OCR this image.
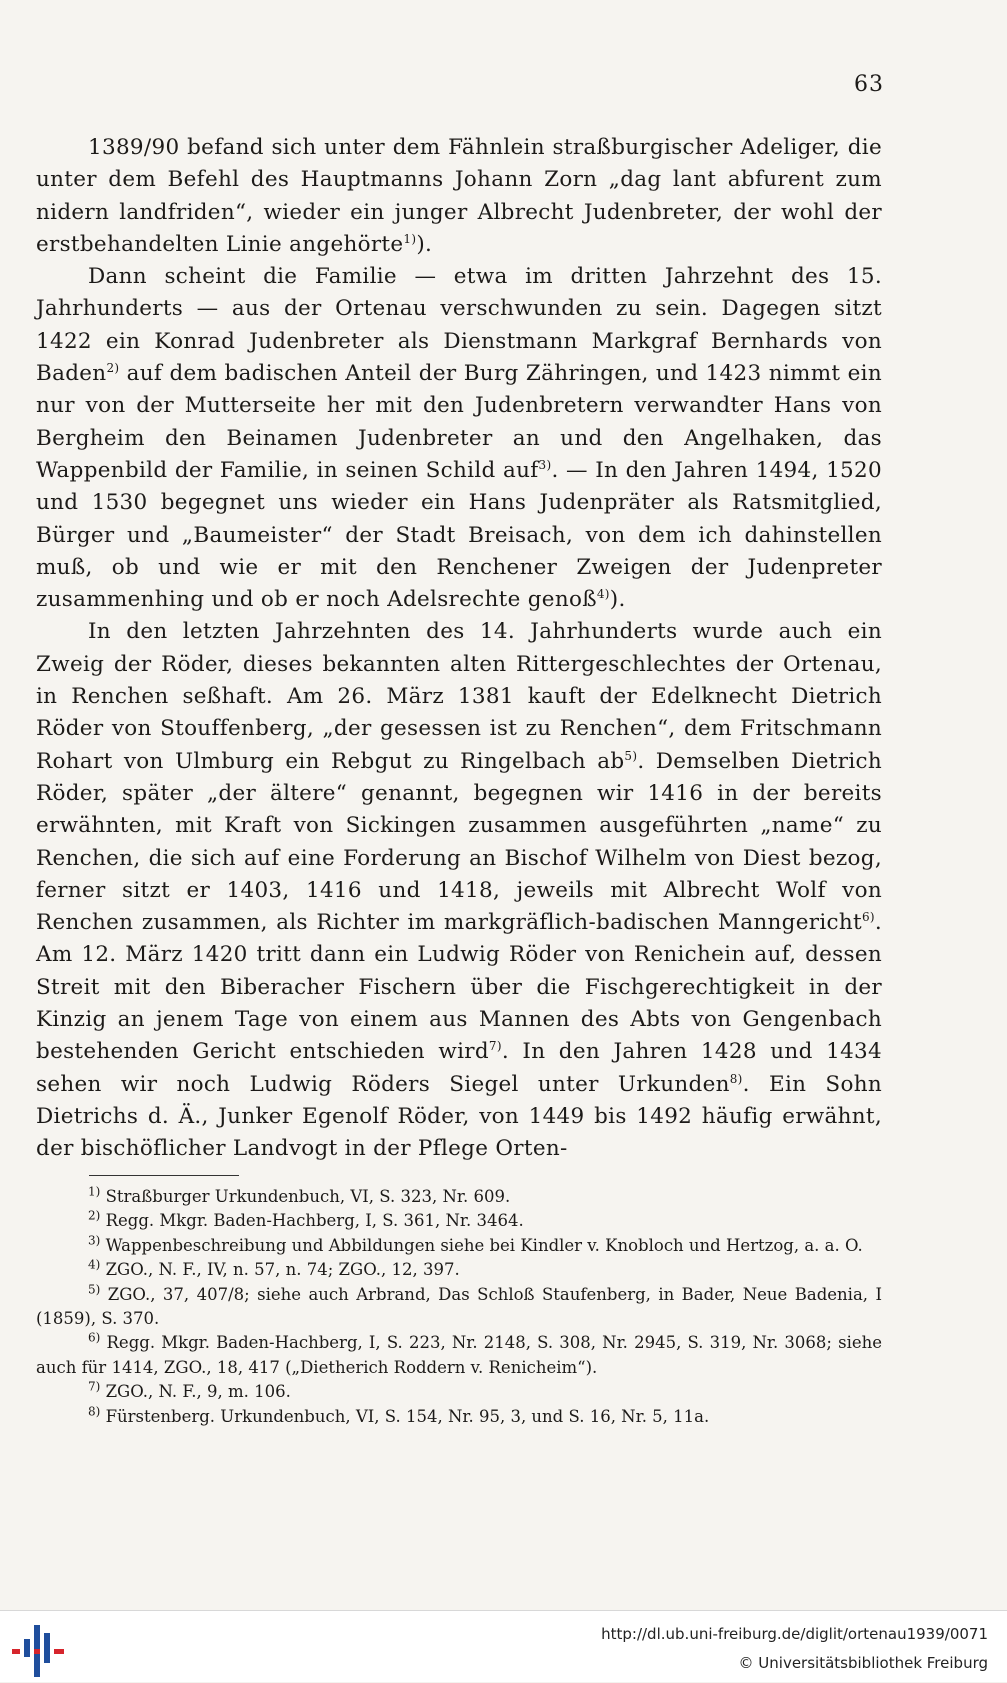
63

1389/90 befand sich unter dem Fähnlein straßburgischer Adeliger, die unter dem Befehl des Hauptmanns Johann Zorn „dag lant abfurent zum nidern landfriden“, wieder ein junger Albrecht Judenbreter, der wohl der erstbehandelten Linie angehörte$^{1)}$).

Dann scheint die Familie — etwa im dritten Jahrzehnt des 15. Jahrhunderts — aus der Ortenau verschwunden zu sein. Dagegen sitzt 1422 ein Konrad Judenbreter als Dienstmann Markgraf Bernhards von Baden$^{2)}$ auf dem badischen Anteil der Burg Zähringen, und 1423 nimmt ein nur von der Mutterseite her mit den Judenbretern verwandter Hans von Bergheim den Beinamen Judenbreter an und den Angelhaken, das Wappenbild der Familie, in seinen Schild auf$^{3)}$. — In den Jahren 1494, 1520 und 1530 begegnet uns wieder ein Hans Judenpräter als Ratsmitglied, Bürger und „Baumeister“ der Stadt Breisach, von dem ich dahinstellen muß, ob und wie er mit den Renchener Zweigen der Judenpreter zusammenhing und ob er noch Adelsrechte genoß$^{4)}$).

In den letzten Jahrzehnten des 14. Jahrhunderts wurde auch ein Zweig der Röder, dieses bekannten alten Rittergeschlechtes der Ortenau, in Renchen seßhaft. Am 26. März 1381 kauft der Edelknecht Dietrich Röder von Stouffenberg, „der gesessen ist zu Renchen“, dem Fritschmann Rohart von Ulmburg ein Rebgut zu Ringelbach $ab^{5)}$. Demselben Dietrich Röder, später „der ältere“ genannt, begegnen wir 1416 in der bereits erwähnten, mit Kraft von Sickingen zusammen ausgeführten „name“ zu Renchen, die sich auf eine Forderung an Bischof Wilhelm von Diest bezog, ferner sitzt er 1403, 1416 und 1418, jeweils mit Albrecht Wolf von Renchen zusammen, als Richter im markgräflich-badischen Manngericht$^{6)}$. Am 12. März 1420 tritt dann ein Ludwig Röder von Renichein auf, dessen Streit mit den Biberacher Fischern über die Fischgerechtigkeit in der Kinzig an jenem Tage von einem aus Mannen des Abts von Gengenbach bestehenden Gericht entschieden wird$^{7)}$. In den Jahren 1428 und 1434 sehen wir noch Ludwig Röders Siegel unter Urkunden$^{8)}$. Ein Sohn Dietrichs d. Ä., Junker Egenolf Röder, von 1449 bis 1492 häufig erwähnt, der bischöflicher Landvogt in der Pflege Orten-

$^{1)}$ Straßburger Urkundenbuch, VI, S. 323, Nr. 609.

$^{2)}$ Regg. Mkgr. Baden-Hachberg, I, S. 361, Nr. 3464.

$^{3)}$ Wappenbeschreibung und Abbildungen siehe bei Kindler v. Knobloch und Hertzog, a. a. O.

$^{4)}$ ZGO., N. F., IV, n. 57, n. 74; ZGO., 12, 397.

$^{5)}$ ZGO., 37, 407/8; siehe auch Arbrand, Das Schloß Staufenberg, in Bader, Neue Badenia, I (1859), S. 370.

$^{6)}$ Regg. Mkgr. Baden-Hachberg, I, S. 223, Nr. 2148, S. 308, Nr. 2945, S. 319, Nr. 3068; siehe auch für 1414, ZGO., 18, 417 („Dietherich Roddern v. Renicheim“).

$^{7)}$ ZGO., N. F., 9, m. 106.

$^{8)}$ Fürstenberg. Urkundenbuch, VI, S. 154, Nr. 95, 3, und S. 16, Nr. 5, 11a.

http://dl.ub.uni-freiburg.de/diglit/ortenau1939/0071
© Universitätsbibliothek Freiburg
